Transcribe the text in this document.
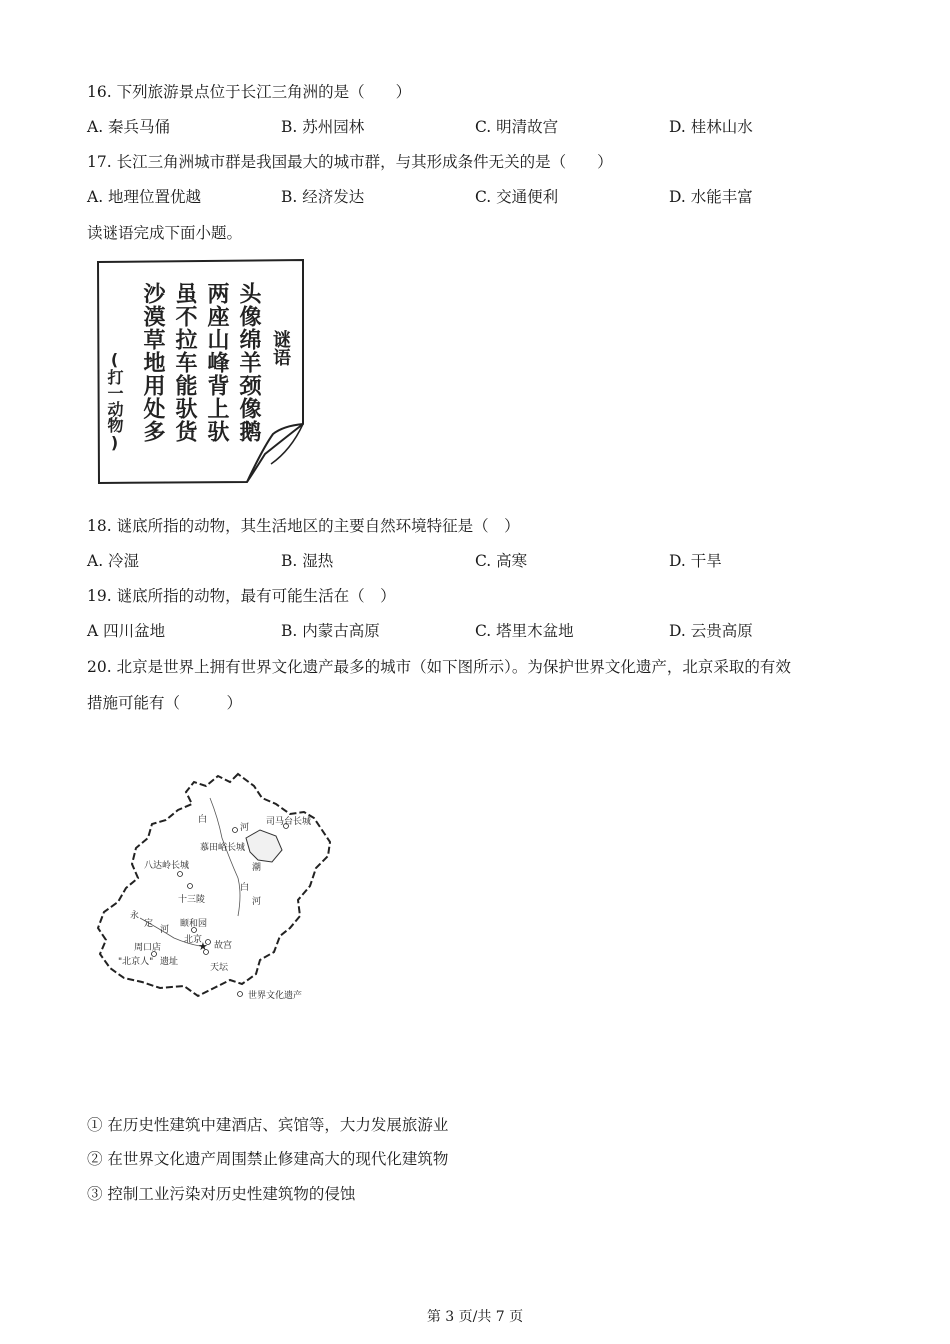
16. 下列旅游景点位于长江三角洲的是（　　）
A. 秦兵马俑	B. 苏州园林	C. 明清故宫	D. 桂林山水
17. 长江三角洲城市群是我国最大的城市群，与其形成条件无关的是（　　）
A. 地理位置优越	B. 经济发达	C. 交通便利	D. 水能丰富
读谜语完成下面小题。
谜语
头像绵羊颈像鹅
两座山峰背上驮
虽不拉车能驮货
沙漠草地用处多
(打一动物)
18. 谜底所指的动物，其生活地区的主要自然环境特征是（　）
A. 冷湿	B. 湿热	C. 高寒	D. 干旱
19. 谜底所指的动物，最有可能生活在（　）
A 四川盆地	B. 内蒙古高原	C. 塔里木盆地	D. 云贵高原
20. 北京是世界上拥有世界文化遗产最多的城市（如下图所示）。为保护世界文化遗产，北京采取的有效
措施可能有（　　　）
★
白
河
司马台长城
慕田峪长城
八达岭长城	潮
白
河
十三陵
永
定
河
颐和园
北京
故宫
周口店
"北京人" 遗址
天坛
世界文化遗产
① 在历史性建筑中建酒店、宾馆等，大力发展旅游业
② 在世界文化遗产周围禁止修建高大的现代化建筑物
③ 控制工业污染对历史性建筑物的侵蚀
第 3 页/共 7 页
